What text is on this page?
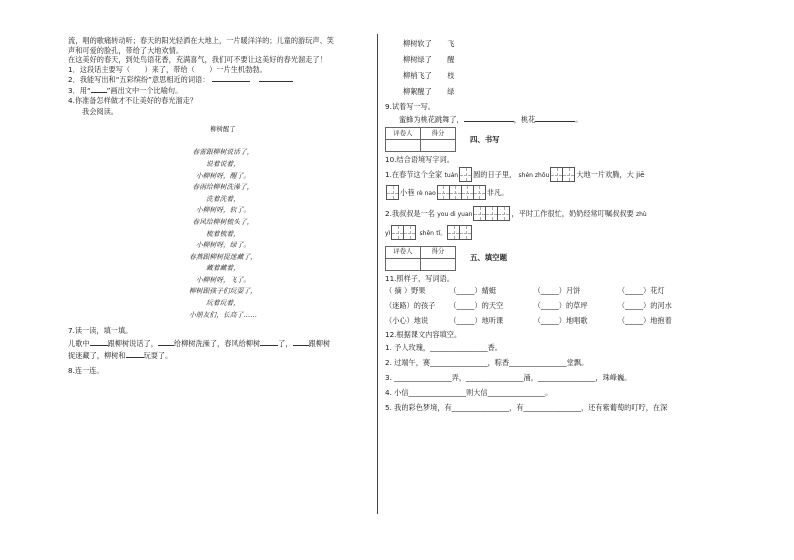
流，唱的歌痛转动听；春天的阳光轻洒在大地上，一片暖洋洋的；儿童的游玩声、笑
声和可爱的脸孔，带给了大地欢情。
在这美好的春天，到处鸟语花香，充满喜气，我们可不要让这美好的春光溜走了！
1．这段话主要写（　　）来了，带给（　　）一片生机勃勃。
2．我能写出和“五彩缤纷”意思相近的词语：
3．用“ ”画出文中一个比喻句。
4.你准备怎样做才不让美好的春光溜走？
我会阅读。
柳树醒了
春雷跟柳树说话了，
说着说着，
小柳树呀，醒了。
春雨给柳树洗澡了，
洗着洗着，
小柳树呀，软了。
春风给柳树梳头了，
梳着梳着，
小柳树呀，绿了。
春燕跟柳树捉迷藏了，
藏着藏着，
小柳树呀，飞了。
柳树跟孩子们玩耍了，
玩着玩着，
小朋友们，长高了……
7.读一读，填一填。
儿歌中	跟柳树说话了， 给柳树洗澡了，春风给柳树	了， 跟柳树
捉迷藏了，柳树和	玩耍了。
8.连一连。
柳树软了 飞
柳树绿了 醒
柳梢飞了 枝
柳絮醒了 绿
9.试着写一写。
蜜蜂为桃花跳舞了，	，桃花	。
评卷人	得分

四、书写
10.结合语境写字词。
1.在春节这个全家 tuán 圆的日子里， shén zhōu	大地一片欢腾，大 jiē
小巷 rè nao	非凡。
2.我叔叔是一名 you di yuan	，平时工作很忙，奶奶经常叮嘱叔叔要 zhù
yì	shēn tǐ。
评卷人	得分

五、填空题
11.照样子，写词语。
（ 摘 ）野果	（_____）蜻蜓	（_____）月饼	（_____）花灯
（迷路）的孩子 （_____）的天空	（_____）的草坪	（_____）的河水
（小心）地说	（_____）地听课	（_____）地唱歌	（_____）地抱着
12.根据课文内容填空。
1. 予人玫瑰，________________香。
2. 过端午，赛________________，粽香________________堂飘。
3. ________________弄，________________涌，________________，珠峰巍。
4. 小信________________则大信________________。
5. 我的彩色梦境，有________________，有________________，还有紫葡萄的叮咛，在深
